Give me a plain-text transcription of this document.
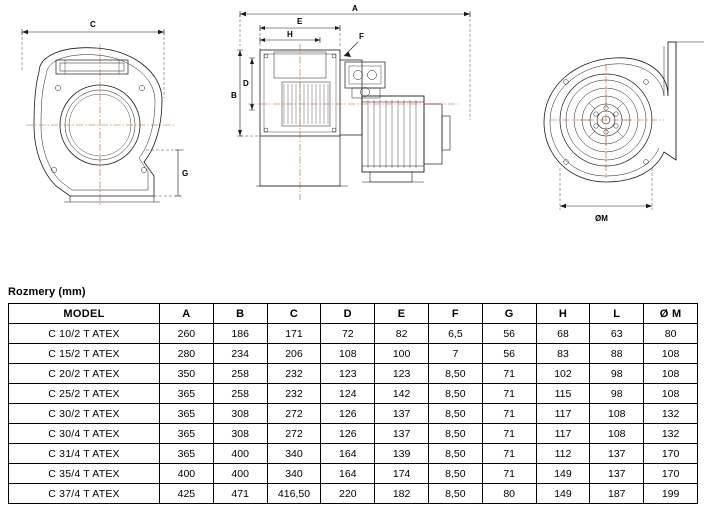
C
G
A
E
H	F
D
B
ØM
Rozmery (mm)
MODEL	A	B	C	D	E	F	G	H	L	Ø M
C 10/2 T ATEX	260	186	171	72	82	6,5	56	68	63	80
C 15/2 T ATEX	280	234	206	108	100	7	56	83	88	108
C 20/2 T ATEX	350	258	232	123	123	8,50	71	102	98	108
C 25/2 T ATEX	365	258	232	124	142	8,50	71	115	98	108
C 30/2 T ATEX	365	308	272	126	137	8,50	71	117	108	132
C 30/4 T ATEX	365	308	272	126	137	8,50	71	117	108	132
C 31/4 T ATEX	365	400	340	164	139	8,50	71	112	137	170
C 35/4 T ATEX	400	400	340	164	174	8,50	71	149	137	170
C 37/4 T ATEX	425	471	416,50	220	182	8,50	80	149	187	199
